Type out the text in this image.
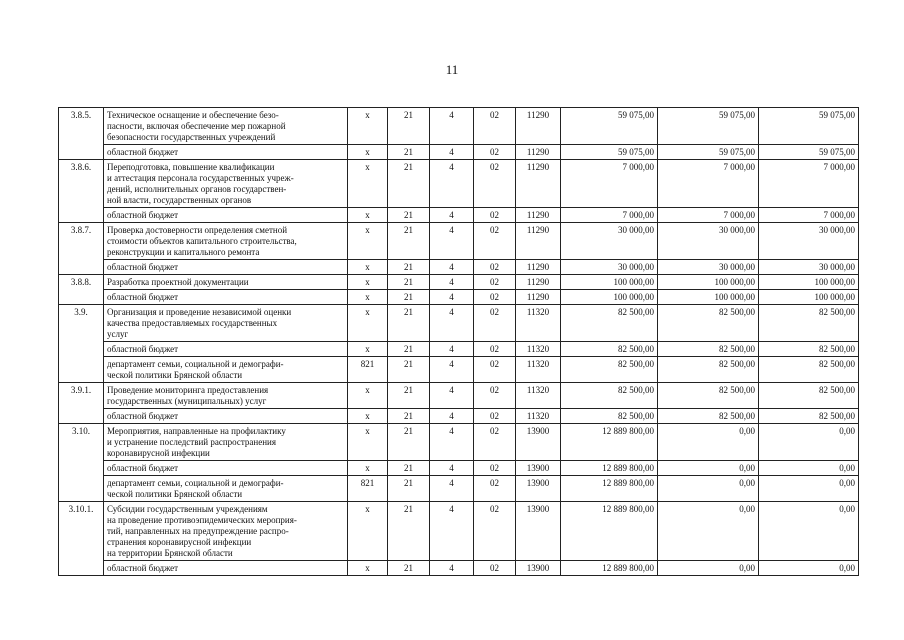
11
3.8.5.	Техническое оснащение и обеспечение безо-
пасности, включая обеспечение мер пожарной
безопасности государственных учреждений	х	21	4	02	11290	59 075,00	59 075,00	59 075,00
	областной бюджет	х	21	4	02	11290	59 075,00	59 075,00	59 075,00
3.8.6.	Переподготовка, повышение квалификации
и аттестация персонала государственных учреж-
дений, исполнительных органов государствен-
ной власти, государственных органов	х	21	4	02	11290	7 000,00	7 000,00	7 000,00
	областной бюджет	х	21	4	02	11290	7 000,00	7 000,00	7 000,00
3.8.7.	Проверка достоверности определения сметной
стоимости объектов капитального строительства,
реконструкции и капитального ремонта	х	21	4	02	11290	30 000,00	30 000,00	30 000,00
	областной бюджет	х	21	4	02	11290	30 000,00	30 000,00	30 000,00
3.8.8.	Разработка проектной документации	х	21	4	02	11290	100 000,00	100 000,00	100 000,00
	областной бюджет	х	21	4	02	11290	100 000,00	100 000,00	100 000,00
3.9.	Организация и проведение независимой оценки
качества предоставляемых государственных
услуг	х	21	4	02	11320	82 500,00	82 500,00	82 500,00
	областной бюджет	х	21	4	02	11320	82 500,00	82 500,00	82 500,00
	департамент семьи, социальной и демографи-
ческой политики Брянской области	821	21	4	02	11320	82 500,00	82 500,00	82 500,00
3.9.1.	Проведение мониторинга предоставления
государственных (муниципальных) услуг	х	21	4	02	11320	82 500,00	82 500,00	82 500,00
	областной бюджет	х	21	4	02	11320	82 500,00	82 500,00	82 500,00
3.10.	Мероприятия, направленные на профилактику
и устранение последствий распространения
коронавирусной инфекции	х	21	4	02	13900	12 889 800,00	0,00	0,00
	областной бюджет	х	21	4	02	13900	12 889 800,00	0,00	0,00
	департамент семьи, социальной и демографи-
ческой политики Брянской области	821	21	4	02	13900	12 889 800,00	0,00	0,00
3.10.1.	Субсидии государственным учреждениям
на проведение противоэпидемических мероприя-
тий, направленных на предупреждение распро-
странения коронавирусной инфекции
на территории Брянской области	х	21	4	02	13900	12 889 800,00	0,00	0,00
	областной бюджет	х	21	4	02	13900	12 889 800,00	0,00	0,00
